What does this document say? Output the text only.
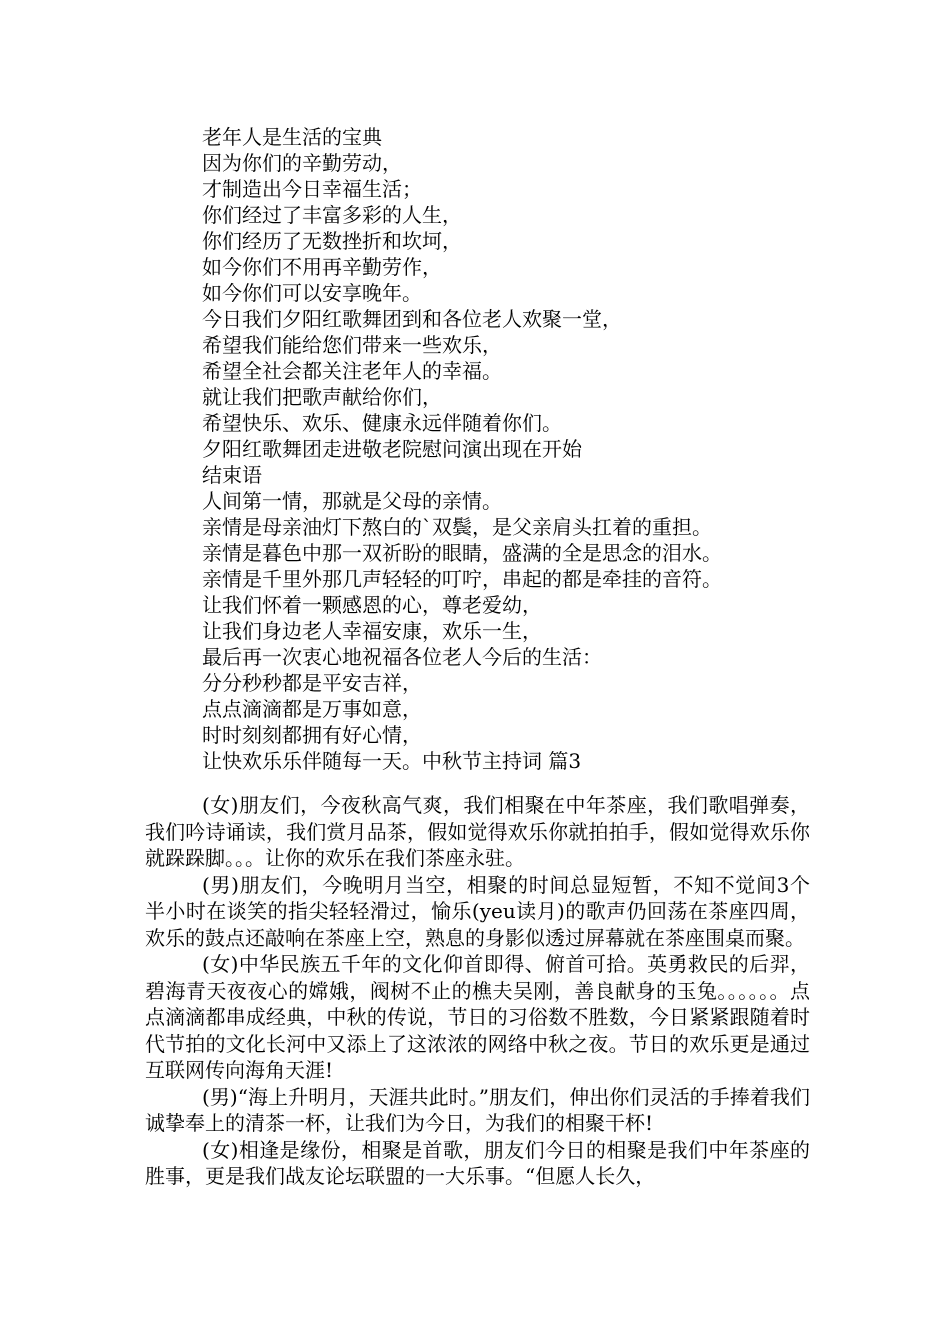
老年人是生活的宝典
因为你们的辛勤劳动，
才制造出今日幸福生活；
你们经过了丰富多彩的人生，
你们经历了无数挫折和坎坷，
如今你们不用再辛勤劳作，
如今你们可以安享晚年。
今日我们夕阳红歌舞团到和各位老人欢聚一堂，
希望我们能给您们带来一些欢乐，
希望全社会都关注老年人的幸福。
就让我们把歌声献给你们，
希望快乐、欢乐、健康永远伴随着你们。
夕阳红歌舞团走进敬老院慰问演出现在开始
结束语
人间第一情，那就是父母的亲情。
亲情是母亲油灯下熬白的`双鬓，是父亲肩头扛着的重担。
亲情是暮色中那一双祈盼的眼睛，盛满的全是思念的泪水。
亲情是千里外那几声轻轻的叮咛，串起的都是牵挂的音符。
让我们怀着一颗感恩的心，尊老爱幼，
让我们身边老人幸福安康，欢乐一生，
最后再一次衷心地祝福各位老人今后的生活：
分分秒秒都是平安吉祥，
点点滴滴都是万事如意，
时时刻刻都拥有好心情，
让快欢乐乐伴随每一天。中秋节主持词 篇3

(女)朋友们，今夜秋高气爽，我们相聚在中年茶座，我们歌唱弹奏，我们吟诗诵读，我们赏月品茶，假如觉得欢乐你就拍拍手，假如觉得欢乐你就跺跺脚。。。让你的欢乐在我们茶座永驻。

(男)朋友们，今晚明月当空，相聚的时间总显短暂，不知不觉间3个半小时在谈笑的指尖轻轻滑过，愉乐(yeu读月)的歌声仍回荡在茶座四周，欢乐的鼓点还敲响在茶座上空，熟息的身影似透过屏幕就在茶座围桌而聚。

(女)中华民族五千年的文化仰首即得、俯首可拾。英勇救民的后羿，碧海青天夜夜心的嫦娥，阀树不止的樵夫吴刚，善良献身的玉兔。。。。。。点点滴滴都串成经典，中秋的传说，节日的习俗数不胜数，今日紧紧跟随着时代节拍的文化长河中又添上了这浓浓的网络中秋之夜。节日的欢乐更是通过互联网传向海角天涯!

(男)“海上升明月，天涯共此时。”朋友们，伸出你们灵活的手捧着我们诚挚奉上的清茶一杯，让我们为今日，为我们的相聚干杯!

(女)相逢是缘份，相聚是首歌，朋友们今日的相聚是我们中年茶座的胜事，更是我们战友论坛联盟的一大乐事。“但愿人长久，
